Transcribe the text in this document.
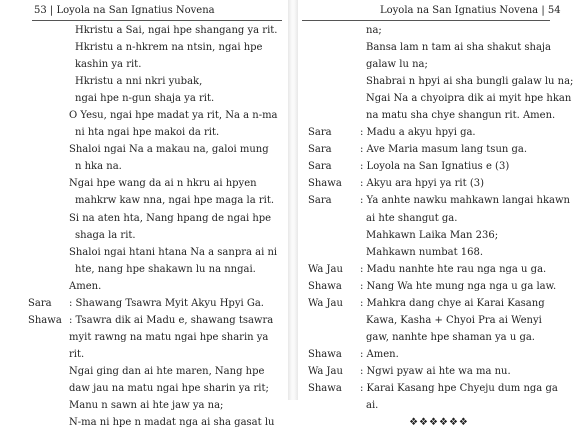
53 | Loyola na San Ignatius Novena
Hkristu a Sai, ngai hpe shangang ya rit.
Hkristu a n-hkrem na ntsin, ngai hpe
kashin ya rit.
Hkristu a nni nkri yubak,
ngai hpe n-gun shaja ya rit.
O Yesu, ngai hpe madat ya rit, Na a n-ma
ni hta ngai hpe makoi da rit.
Shaloi ngai Na a makau na, galoi mung
n hka na.
Ngai hpe wang da ai n hkru ai hpyen
mahkrw kaw nna, ngai hpe maga la rit.
Si na aten hta, Nang hpang de ngai hpe
shaga la rit.
Shaloi ngai htani htana Na a sanpra ai ni
hte, nang hpe shakawn lu na nngai.
Amen.
Sara : Shawang Tsawra Myit Akyu Hpyi Ga.
Shawa : Tsawra dik ai Madu e, shawang tsawra
myit rawng na matu ngai hpe sharin ya
rit.
Ngai ging dan ai hte maren, Nang hpe
daw jau na matu ngai hpe sharin ya rit;
Manu n sawn ai hte jaw ya na;
N-ma ni hpe n madat nga ai sha gasat lu
Loyola na San Ignatius Novena | 54
na;
Bansa lam n tam ai sha shakut shaja
galaw lu na;
Shabrai n hpyi ai sha bungli galaw lu na;
Ngai Na a chyoipra dik ai myit hpe hkan
na matu sha chye shangun rit. Amen.
Sara	: Madu a akyu hpyi ga.
Sara	: Ave Maria masum lang tsun ga.
Sara	: Loyola na San Ignatius e (3)
Shawa : Akyu ara hpyi ya rit (3)
Sara	: Ya anhte nawku mahkawn langai hkawn
ai hte shangut ga.
Mahkawn Laika Man 236;
Mahkawn numbat 168.
Wa Jau : Madu nanhte hte rau nga nga u ga.
Shawa : Nang Wa hte mung nga nga u ga law.
Wa Jau : Mahkra dang chye ai Karai Kasang
Kawa, Kasha + Chyoi Pra ai Wenyi
gaw, nanhte hpe shaman ya u ga.
Shawa : Amen.
Wa Jau : Ngwi pyaw ai hte wa ma nu.
Shawa : Karai Kasang hpe Chyeju dum nga ga
ai.
❖❖❖❖❖❖
